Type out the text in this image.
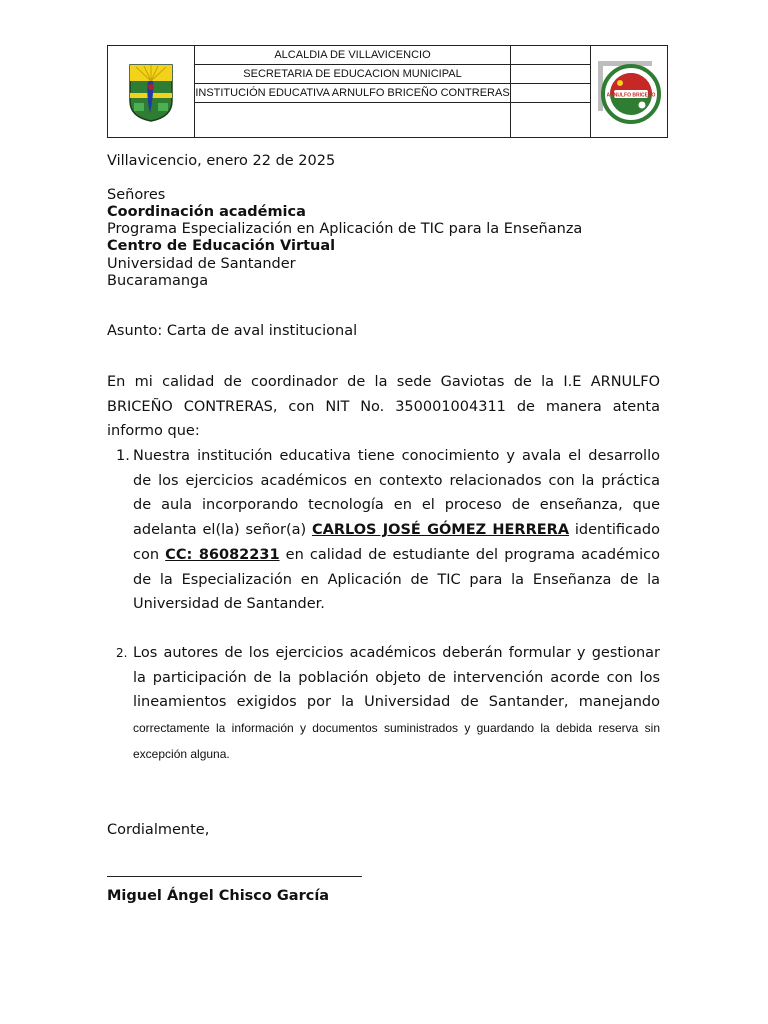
	ALCALDIA DE VILLAVICENCIO		ARNULFO BRICEÑO

	SECRETARIA DE EDUCACION MUNICIPAL		
	INSTITUCIÓN EDUCATIVA ARNULFO BRICEÑO CONTRERAS		

Villavicencio, enero 22 de 2025
Señores
Coordinación académica
Programa Especialización en Aplicación de TIC para la Enseñanza
Centro de Educación Virtual
Universidad de Santander
Bucaramanga
Asunto: Carta de aval institucional
En mi calidad de coordinador de la sede Gaviotas de la I.E ARNULFO BRICEÑO CONTRERAS, con NIT No. 350001004311 de manera atenta informo que:
1. Nuestra institución educativa tiene conocimiento y avala el desarrollo de los ejercicios académicos en contexto relacionados con la práctica de aula incorporando tecnología en el proceso de enseñanza, que adelanta el(la) señor(a) CARLOS JOSÉ GÓMEZ HERRERA identificado con CC: 86082231 en calidad de estudiante del programa académico de la Especialización en Aplicación de TIC para la Enseñanza de la Universidad de Santander.
2. Los autores de los ejercicios académicos deberán formular y gestionar la participación de la población objeto de intervención acorde con los lineamientos exigidos por la Universidad de Santander, manejando correctamente la información y documentos suministrados y guardando la debida reserva sin excepción alguna.
Cordialmente,
Miguel Ángel Chisco García
